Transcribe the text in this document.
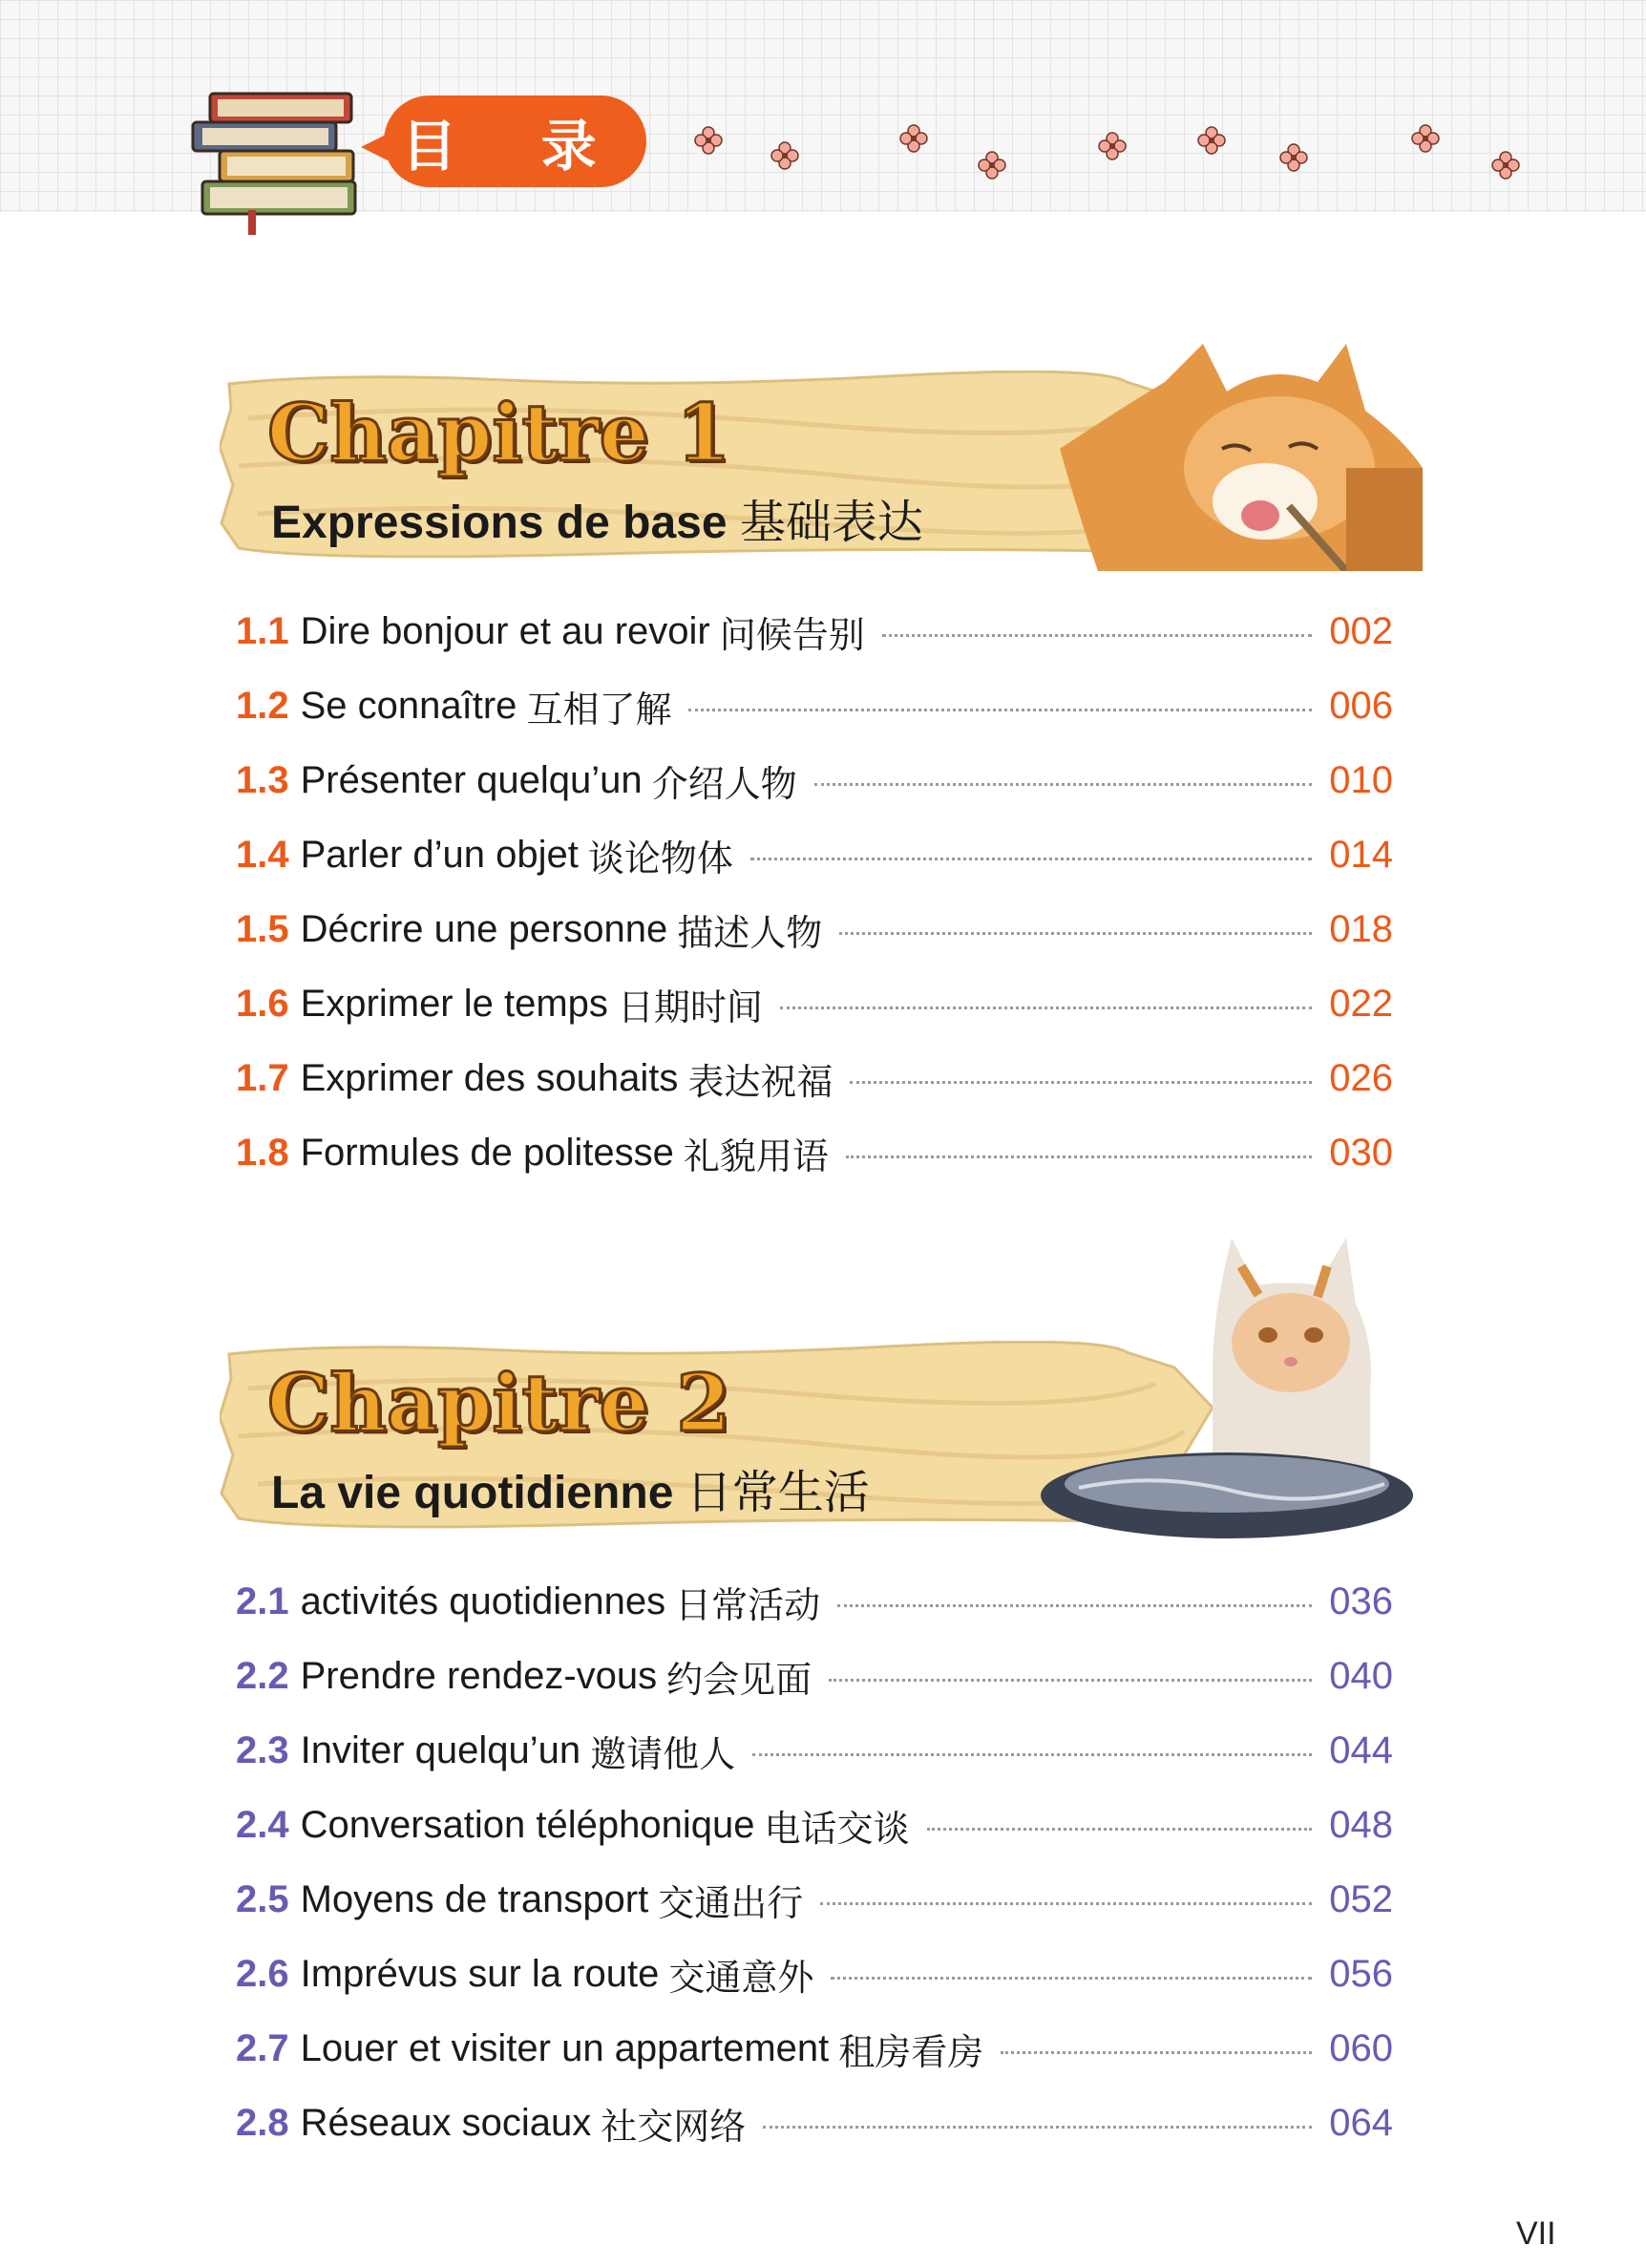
目 录
Chapitre 1
Expressions de base 基础表达
1.1 Dire bonjour et au revoir 问候告别	002
1.2 Se connaître 互相了解	006
1.3 Présenter quelqu’un 介绍人物	010
1.4 Parler d’un objet 谈论物体	014
1.5 Décrire une personne 描述人物	018
1.6 Exprimer le temps 日期时间	022
1.7 Exprimer des souhaits 表达祝福	026
1.8 Formules de politesse 礼貌用语	030
Chapitre 2
La vie quotidienne 日常生活
2.1 activités quotidiennes 日常活动	036
2.2 Prendre rendez-vous 约会见面	040
2.3 Inviter quelqu’un 邀请他人	044
2.4 Conversation téléphonique 电话交谈	048
2.5 Moyens de transport 交通出行	052
2.6 Imprévus sur la route 交通意外	056
2.7 Louer et visiter un appartement 租房看房	060
2.8 Réseaux sociaux 社交网络	064
VII
